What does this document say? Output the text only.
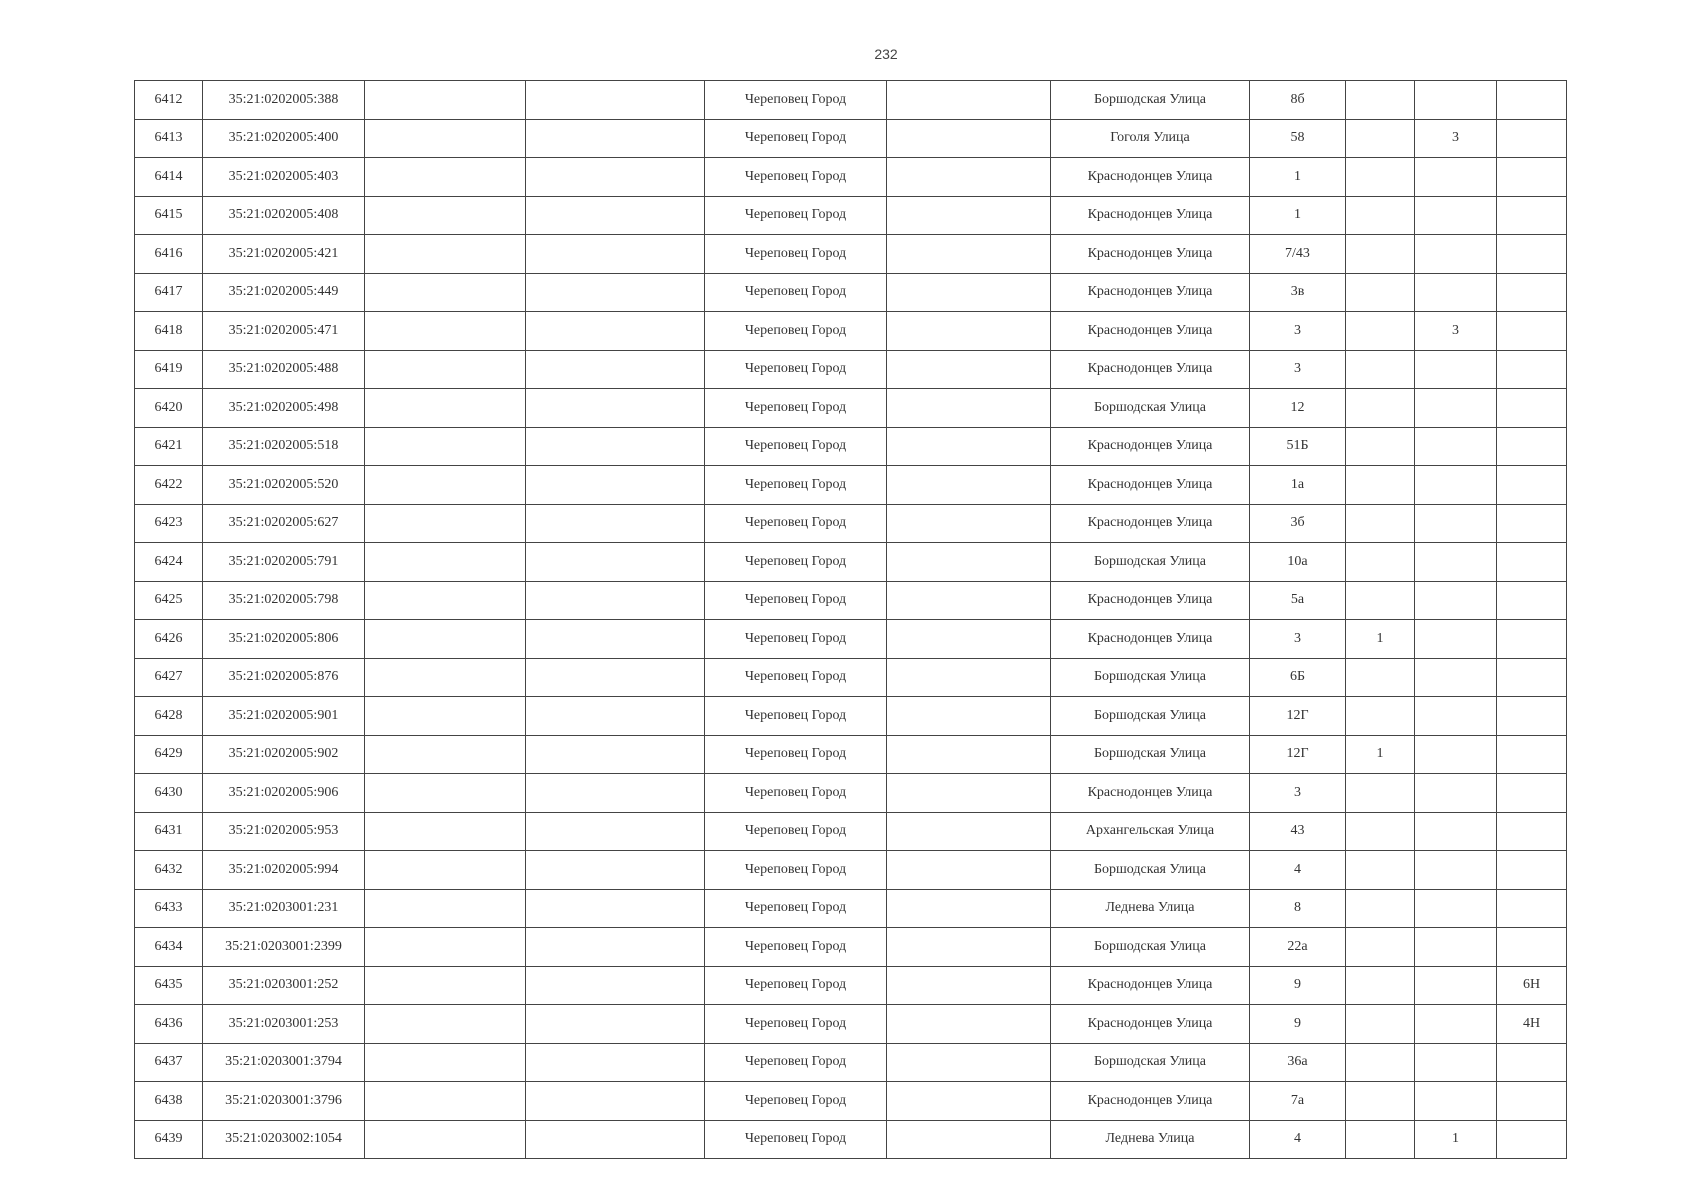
232
6412	35:21:0202005:388			Череповец Город		Боршодская Улица	8б			
6413	35:21:0202005:400			Череповец Город		Гоголя Улица	58		3	
6414	35:21:0202005:403			Череповец Город		Краснодонцев Улица	1			
6415	35:21:0202005:408			Череповец Город		Краснодонцев Улица	1			
6416	35:21:0202005:421			Череповец Город		Краснодонцев Улица	7/43			
6417	35:21:0202005:449			Череповец Город		Краснодонцев Улица	3в			
6418	35:21:0202005:471			Череповец Город		Краснодонцев Улица	3		3	
6419	35:21:0202005:488			Череповец Город		Краснодонцев Улица	3			
6420	35:21:0202005:498			Череповец Город		Боршодская Улица	12			
6421	35:21:0202005:518			Череповец Город		Краснодонцев Улица	51Б			
6422	35:21:0202005:520			Череповец Город		Краснодонцев Улица	1а			
6423	35:21:0202005:627			Череповец Город		Краснодонцев Улица	3б			
6424	35:21:0202005:791			Череповец Город		Боршодская Улица	10а			
6425	35:21:0202005:798			Череповец Город		Краснодонцев Улица	5а			
6426	35:21:0202005:806			Череповец Город		Краснодонцев Улица	3	1		
6427	35:21:0202005:876			Череповец Город		Боршодская Улица	6Б			
6428	35:21:0202005:901			Череповец Город		Боршодская Улица	12Г			
6429	35:21:0202005:902			Череповец Город		Боршодская Улица	12Г	1		
6430	35:21:0202005:906			Череповец Город		Краснодонцев Улица	3			
6431	35:21:0202005:953			Череповец Город		Архангельская Улица	43			
6432	35:21:0202005:994			Череповец Город		Боршодская Улица	4			
6433	35:21:0203001:231			Череповец Город		Леднева Улица	8			
6434	35:21:0203001:2399			Череповец Город		Боршодская Улица	22а			
6435	35:21:0203001:252			Череповец Город		Краснодонцев Улица	9			6Н
6436	35:21:0203001:253			Череповец Город		Краснодонцев Улица	9			4Н
6437	35:21:0203001:3794			Череповец Город		Боршодская Улица	36а			
6438	35:21:0203001:3796			Череповец Город		Краснодонцев Улица	7а			
6439	35:21:0203002:1054			Череповец Город		Леднева Улица	4		1	
